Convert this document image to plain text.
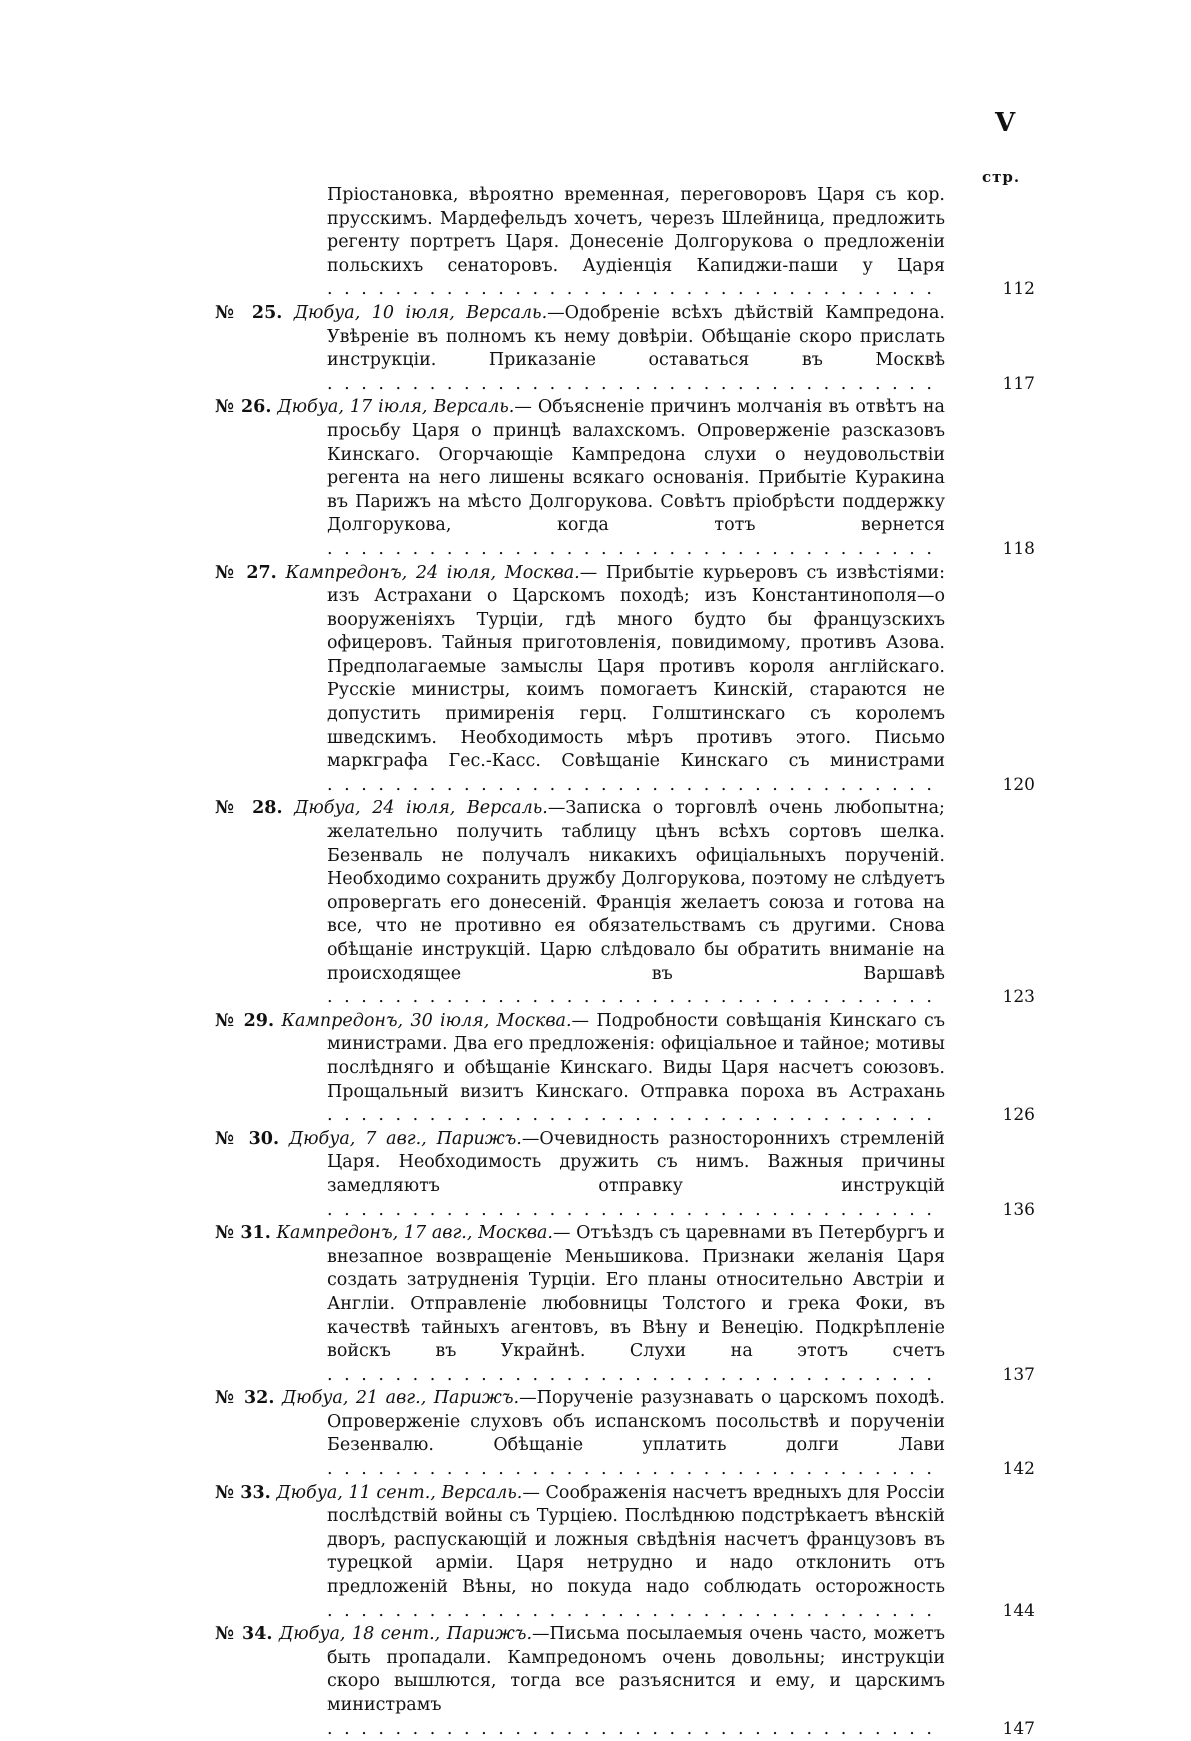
V
стр.
Пріостановка, вѣроятно временная, переговоровъ Царя съ кор. прусскимъ. Мардефельдъ хочетъ, черезъ Шлейница, предложить регенту портретъ Царя. Донесеніе Долгорукова о предложеніи польскихъ сенаторовъ. Аудіенція Капиджи-паши у Царя . . . . . . . . . . . . . . . . . . . . . . . . . . . . . . . . . . . .	112
№ 25. Дюбуа, 10 іюля, Версаль.—Одобреніе всѣхъ дѣйствій Кампредона. Увѣреніе въ полномъ къ нему довѣріи. Обѣщаніе скоро прислать инструкціи. Приказаніе оставаться въ Москвѣ . . . . . . . . . . . . . . . . . . . . . . . . . . . . . . . . . . . .	117
№ 26. Дюбуа, 17 іюля, Версаль.— Объясненіе причинъ молчанія въ отвѣтъ на просьбу Царя о принцѣ валахскомъ. Опроверженіе разсказовъ Кинскаго. Огорчающіе Кампредона слухи о неудовольствіи регента на него лишены всякаго основанія. Прибытіе Куракина въ Парижъ на мѣсто Долгорукова. Совѣтъ пріобрѣсти поддержку Долгорукова, когда тотъ вернется . . . . . . . . . . . . . . . . . . . . . . . . . . . . . . . . . . . .	118
№ 27. Кампредонъ, 24 іюля, Москва.— Прибытіе курьеровъ съ извѣстіями: изъ Астрахани о Царскомъ походѣ; изъ Константинополя—о вооруженіяхъ Турціи, гдѣ много будто бы французскихъ офицеровъ. Тайныя приготовленія, повидимому, противъ Азова. Предполагаемые замыслы Царя противъ короля англійскаго. Русскіе министры, коимъ помогаетъ Кинскій, стараются не допустить примиренія герц. Голштинскаго съ королемъ шведскимъ. Необходимость мѣръ противъ этого. Письмо маркграфа Гес.-Касс. Совѣщаніе Кинскаго съ министрами . . . . . . . . . . . . . . . . . . . . . . . . . . . . . . . . . . . .	120
№ 28. Дюбуа, 24 іюля, Версаль.—Записка о торговлѣ очень любопытна; желательно получить таблицу цѣнъ всѣхъ сортовъ шелка. Безенваль не получалъ никакихъ офиціальныхъ порученій. Необходимо сохранить дружбу Долгорукова, поэтому не слѣдуетъ опровергать его донесеній. Франція желаетъ союза и готова на все, что не противно ея обязательствамъ съ другими. Снова обѣщаніе инструкцій. Царю слѣдовало бы обратить вниманіе на происходящее въ Варшавѣ . . . . . . . . . . . . . . . . . . . . . . . . . . . . . . . . . . . .	123
№ 29. Кампредонъ, 30 іюля, Москва.— Подробности совѣщанія Кинскаго съ министрами. Два его предложенія: офиціальное и тайное; мотивы послѣдняго и обѣщаніе Кинскаго. Виды Царя насчетъ союзовъ. Прощальный визитъ Кинскаго. Отправка пороха въ Астрахань . . . . . . . . . . . . . . . . . . . . . . . . . . . . . . . . . . . .	126
№ 30. Дюбуа, 7 авг., Парижъ.—Очевидность разностороннихъ стремленій Царя. Необходимость дружить съ нимъ. Важныя причины замедляютъ отправку инструкцій . . . . . . . . . . . . . . . . . . . . . . . . . . . . . . . . . . . .	136
№ 31. Кампредонъ, 17 авг., Москва.— Отъѣздъ съ царевнами въ Петербургъ и внезапное возвращеніе Меньшикова. Признаки желанія Царя создать затрудненія Турціи. Его планы относительно Австріи и Англіи. Отправленіе любовницы Толстого и грека Фоки, въ качествѣ тайныхъ агентовъ, въ Вѣну и Венецію. Подкрѣпленіе войскъ въ Украйнѣ. Слухи на этотъ счетъ . . . . . . . . . . . . . . . . . . . . . . . . . . . . . . . . . . . .	137
№ 32. Дюбуа, 21 авг., Парижъ.—Порученіе разузнавать о царскомъ походѣ. Опроверженіе слуховъ объ испанскомъ посольствѣ и порученіи Безенвалю. Обѣщаніе уплатить долги Лави . . . . . . . . . . . . . . . . . . . . . . . . . . . . . . . . . . . .	142
№ 33. Дюбуа, 11 сент., Версаль.— Соображенія насчетъ вредныхъ для Россіи послѣдствій войны съ Турціею. Послѣднюю подстрѣкаетъ вѣнскій дворъ, распускающій и ложныя свѣдѣнія насчетъ французовъ въ турецкой арміи. Царя нетрудно и надо отклонить отъ предложеній Вѣны, но покуда надо соблюдать осторожность . . . . . . . . . . . . . . . . . . . . . . . . . . . . . . . . . . . .	144
№ 34. Дюбуа, 18 сент., Парижъ.—Письма посылаемыя очень часто, можетъ быть пропадали. Кампредономъ очень довольны; инструкціи скоро вышлются, тогда все разъяснится и ему, и царскимъ министрамъ . . . . . . . . . . . . . . . . . . . . . . . . . . . . . . . . . . . .	147
